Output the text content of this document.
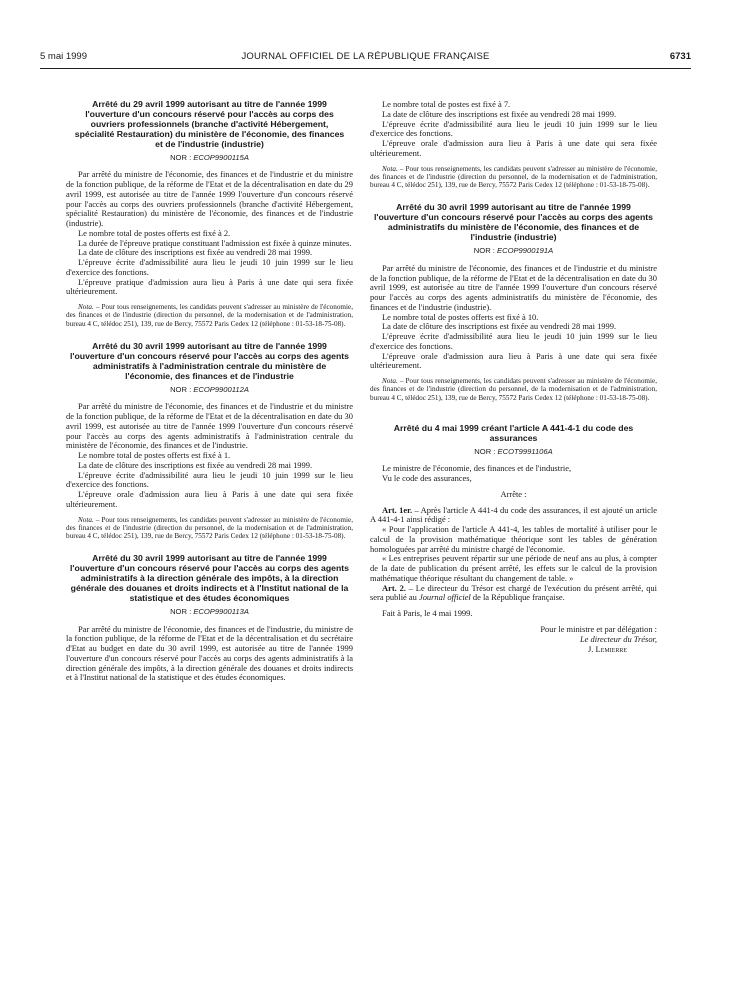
5 mai 1999	JOURNAL OFFICIEL DE LA RÉPUBLIQUE FRANÇAISE	6731
Arrêté du 29 avril 1999 autorisant au titre de l'année 1999 l'ouverture d'un concours réservé pour l'accès au corps des ouvriers professionnels (branche d'activité Hébergement, spécialité Restauration) du ministère de l'économie, des finances et de l'industrie (industrie)
NOR : ECOP9900115A

Par arrêté du ministre de l'économie, des finances et de l'industrie et du ministre de la fonction publique, de la réforme de l'Etat et de la décentralisation en date du 29 avril 1999, est autorisée au titre de l'année 1999 l'ouverture d'un concours réservé pour l'accès au corps des ouvriers professionnels (branche d'activité Hébergement, spécialité Restauration) du ministère de l'économie, des finances et de l'industrie (industrie).

Le nombre total de postes offerts est fixé à 2.

La durée de l'épreuve pratique constituant l'admission est fixée à quinze minutes.

La date de clôture des inscriptions est fixée au vendredi 28 mai 1999.

L'épreuve écrite d'admissibilité aura lieu le jeudi 10 juin 1999 sur le lieu d'exercice des fonctions.

L'épreuve pratique d'admission aura lieu à Paris à une date qui sera fixée ultérieurement.

Nota. – Pour tous renseignements, les candidats peuvent s'adresser au ministère de l'économie, des finances et de l'industrie (direction du personnel, de la modernisation et de l'administration, bureau 4 C, télédoc 251), 139, rue de Bercy, 75572 Paris Cedex 12 (téléphone : 01-53-18-75-08).

Arrêté du 30 avril 1999 autorisant au titre de l'année 1999 l'ouverture d'un concours réservé pour l'accès au corps des agents administratifs à l'administration centrale du ministère de l'économie, des finances et de l'industrie
NOR : ECOP9900112A

Par arrêté du ministre de l'économie, des finances et de l'industrie et du ministre de la fonction publique, de la réforme de l'Etat et de la décentralisation en date du 30 avril 1999, est autorisée au titre de l'année 1999 l'ouverture d'un concours réservé pour l'accès au corps des agents administratifs à l'administration centrale du ministère de l'économie, des finances et de l'industrie.

Le nombre total de postes offerts est fixé à 1.

La date de clôture des inscriptions est fixée au vendredi 28 mai 1999.

L'épreuve écrite d'admissibilité aura lieu le jeudi 10 juin 1999 sur le lieu d'exercice des fonctions.

L'épreuve orale d'admission aura lieu à Paris à une date qui sera fixée ultérieurement.

Nota. – Pour tous renseignements, les candidats peuvent s'adresser au ministère de l'économie, des finances et de l'industrie (direction du personnel, de la modernisation et de l'administration, bureau 4 C, télédoc 251), 139, rue de Bercy, 75572 Paris Cedex 12 (téléphone : 01-53-18-75-08).

Arrêté du 30 avril 1999 autorisant au titre de l'année 1999 l'ouverture d'un concours réservé pour l'accès au corps des agents administratifs à la direction générale des impôts, à la direction générale des douanes et droits indirects et à l'Institut national de la statistique et des études économiques
NOR : ECOP9900113A

Par arrêté du ministre de l'économie, des finances et de l'industrie, du ministre de la fonction publique, de la réforme de l'Etat et de la décentralisation et du secrétaire d'Etat au budget en date du 30 avril 1999, est autorisée au titre de l'année 1999 l'ouverture d'un concours réservé pour l'accès au corps des agents administratifs à la direction générale des impôts, à la direction générale des douanes et droits indirects et à l'Institut national de la statistique et des études économiques.

Le nombre total de postes est fixé à 7.

La date de clôture des inscriptions est fixée au vendredi 28 mai 1999.

L'épreuve écrite d'admissibilité aura lieu le jeudi 10 juin 1999 sur le lieu d'exercice des fonctions.

L'épreuve orale d'admission aura lieu à Paris à une date qui sera fixée ultérieurement.

Nota. – Pour tous renseignements, les candidats peuvent s'adresser au ministère de l'économie, des finances et de l'industrie (direction du personnel, de la modernisation et de l'administration, bureau 4 C, télédoc 251), 139, rue de Bercy, 75572 Paris Cedex 12 (téléphone : 01-53-18-75-08).

Arrêté du 30 avril 1999 autorisant au titre de l'année 1999 l'ouverture d'un concours réservé pour l'accès au corps des agents administratifs du ministère de l'économie, des finances et de l'industrie (industrie)
NOR : ECOP9900191A

Par arrêté du ministre de l'économie, des finances et de l'industrie et du ministre de la fonction publique, de la réforme de l'Etat et de la décentralisation en date du 30 avril 1999, est autorisée au titre de l'année 1999 l'ouverture d'un concours réservé pour l'accès au corps des agents administratifs du ministère de l'économie, des finances et de l'industrie (industrie).

Le nombre total de postes offerts est fixé à 10.

La date de clôture des inscriptions est fixée au vendredi 28 mai 1999.

L'épreuve écrite d'admissibilité aura lieu le jeudi 10 juin 1999 sur le lieu d'exercice des fonctions.

L'épreuve orale d'admission aura lieu à Paris à une date qui sera fixée ultérieurement.

Nota. – Pour tous renseignements, les candidats peuvent s'adresser au ministère de l'économie, des finances et de l'industrie (direction du personnel, de la modernisation et de l'administration, bureau 4 C, télédoc 251), 139, rue de Bercy, 75572 Paris Cedex 12 (téléphone : 01-53-18-75-08).

Arrêté du 4 mai 1999 créant l'article A 441-4-1 du code des assurances
NOR : ECOT9991106A

Le ministre de l'économie, des finances et de l'industrie,

Vu le code des assurances,

Arrête :

Art. 1er. – Après l'article A 441-4 du code des assurances, il est ajouté un article A 441-4-1 ainsi rédigé :

« Pour l'application de l'article A 441-4, les tables de mortalité à utiliser pour le calcul de la provision mathématique théorique sont les tables de génération homologuées par arrêté du ministre chargé de l'économie.

« Les entreprises peuvent répartir sur une période de neuf ans au plus, à compter de la date de publication du présent arrêté, les effets sur le calcul de la provision mathématique théorique résultant du changement de table. »

Art. 2. – Le directeur du Trésor est chargé de l'exécution du présent arrêté, qui sera publié au Journal officiel de la République française.

Fait à Paris, le 4 mai 1999.

Pour le ministre et par délégation :
Le directeur du Trésor,
J. Lemierre
